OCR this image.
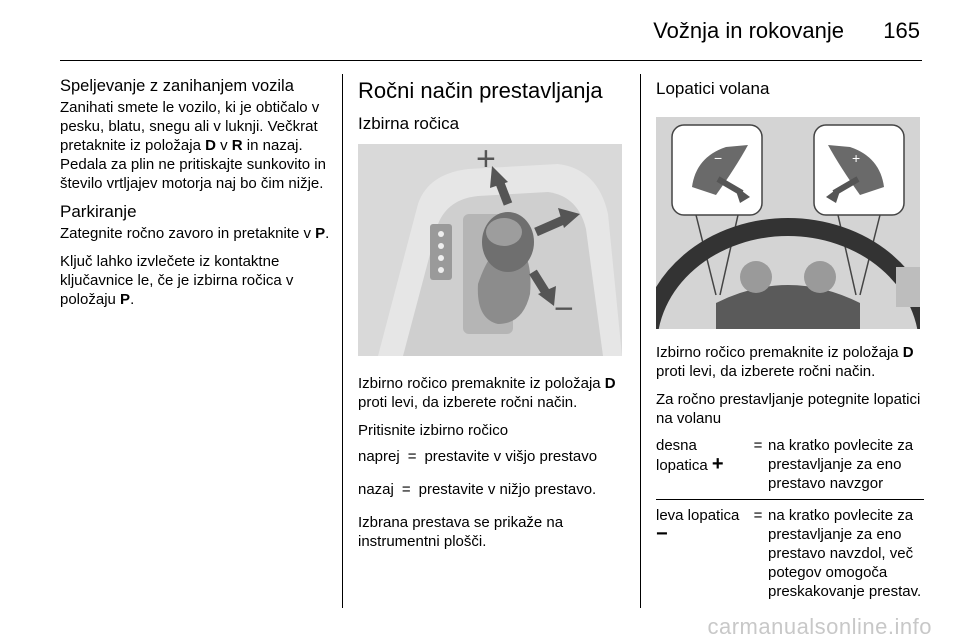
Vožnja in rokovanje 165
Speljevanje z zanihanjem vozila

Zanihati smete le vozilo, ki je obtičalo v pesku, blatu, snegu ali v luknji. Večkrat pretaknite iz položaja D v R in nazaj. Pedala za plin ne pritiskajte sunkovito in število vrtljajev motorja naj bo čim nižje.

Parkiranje

Zategnite ročno zavoro in pretaknite v P.

Ključ lahko izvlečete iz kontaktne ključavnice le, če je izbirna ročica v položaju P.

Ročni način prestavljanja
Izbirna ročica
+
−

Izbirno ročico premaknite iz položaja D proti levi, da izberete ročni način.

Pritisnite izbirno ročico

naprej = prestavite v višjo prestavo
nazaj = prestavite v nižjo prestavo.

Izbrana prestava se prikaže na instrumentni plošči.

Lopatici volana
−	+

Izbirno ročico premaknite iz položaja D proti levi, da izberete ročni način.

Za ročno prestavljanje potegnite lopatici na volanu

desna lopatica +
= na kratko povlecite za prestavljanje za eno prestavo navzgor
leva lopatica −
= na kratko povlecite za prestavljanje za eno prestavo navzdol, več potegov omogoča preskakovanje prestav.
carmanualsonline.info
